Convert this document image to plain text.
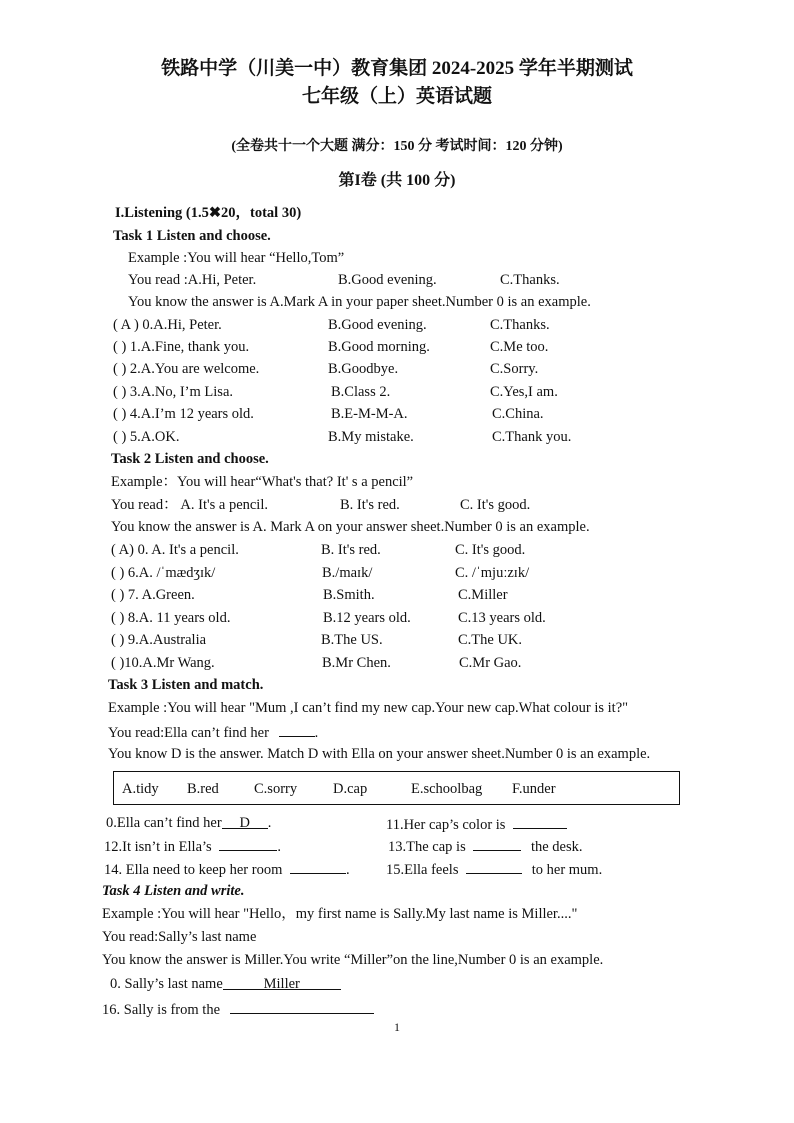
铁路中学（川美一中）教育集团 2024-2025 学年半期测试
七年级（上）英语试题
(全卷共十一个大题 满分：150 分 考试时间：120 分钟)
第I卷 (共 100 分)
I.Listening (1.5✖20，total 30)
Task 1 Listen and choose.
Example :You will hear “Hello,Tom”
You read :A.Hi, Peter.	B.Good evening.	C.Thanks.
You know the answer is A.Mark A in your paper sheet.Number 0 is an example.
( A ) 0.A.Hi, Peter.	B.Good evening.	C.Thanks.
( ) 1.A.Fine, thank you.	B.Good morning.	C.Me too.
( ) 2.A.You are welcome.	B.Goodbye.	C.Sorry.
( ) 3.A.No, I’m Lisa.	B.Class 2.	C.Yes,I am.
( ) 4.A.I’m 12 years old.	B.E-M-M-A.	C.China.
( ) 5.A.OK.	B.My mistake.	C.Thank you.
Task 2 Listen and choose.
Example：You will hear“What's that? It' s a pencil”
You read： A. It's a pencil.	B. It's red.	C. It's good.
You know the answer is A. Mark A on your answer sheet.Number 0 is an example.
( A) 0. A. It's a pencil.	B. It's red.	C. It's good.
( ) 6.A. /ˈmædʒɪk/	B./maɪk/	C. /ˈmjuːzɪk/
( ) 7. A.Green.	B.Smith.	C.Miller
( ) 8.A. 11 years old.	B.12 years old.	C.13 years old.
( ) 9.A.Australia	B.The US.	C.The UK.
( )10.A.Mr Wang.	B.Mr Chen.	C.Mr Gao.
Task 3 Listen and match.
Example :You will hear "Mum ,I can’t find my new cap.Your new cap.What colour is it?"
You read:Ella can’t find her	.
You know D is the answer. Match D with Ella on your answer sheet.Number 0 is an example.
A.tidy B.red C.sorry D.cap	E.schoolbag F.under
0.Ella can’t find her D .	11.Her cap’s color is
12.It isn’t in Ella’s	.	13.The cap is	the desk.
14. Ella need to keep her room	.	15.Ella feels	to her mum.
Task 4 Listen and write.
Example :You will hear "Hello，my first name is Sally.My last name is Miller...."
You read:Sally’s last name
You know the answer is Miller.You write “Miller”on the line,Number 0 is an example.
0. Sally’s last name	Miller
16. Sally is from the
1
